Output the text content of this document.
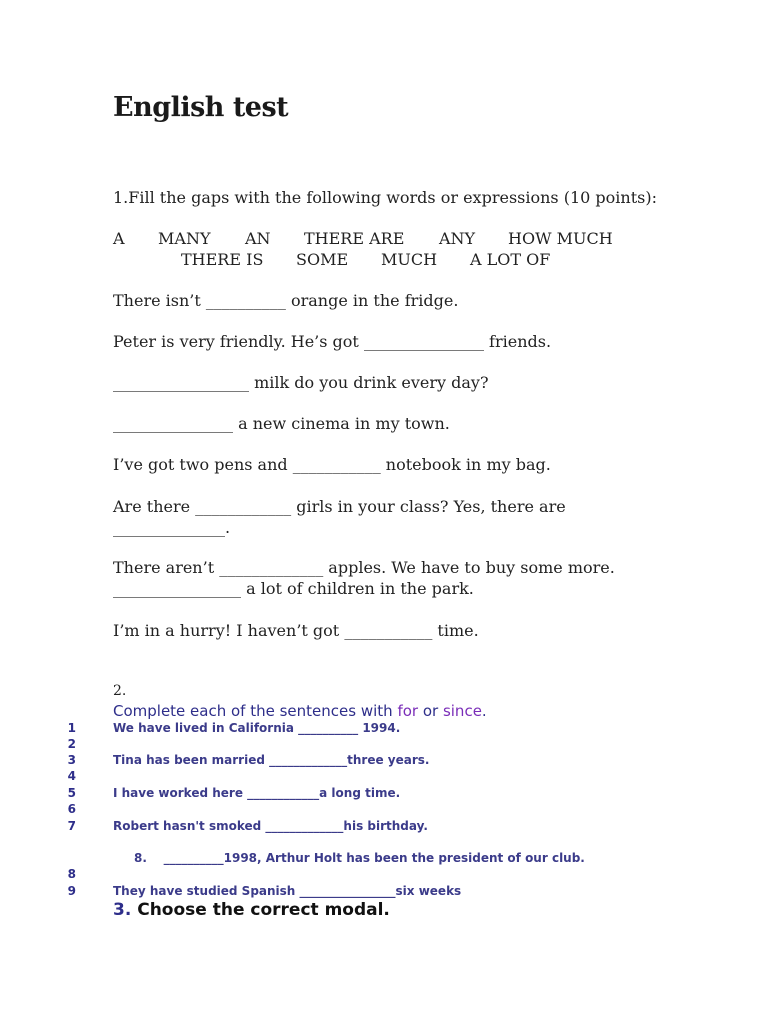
English test
1.Fill the gaps with the following words or expressions (10 points):
A MANY AN THERE ARE ANY HOW MUCH
THERE IS SOME MUCH A LOT OF
There isn’t __________ orange in the fridge.
Peter is very friendly. He’s got _______________ friends.
_________________ milk do you drink every day?
_______________ a new cinema in my town.
I’ve got two pens and ___________ notebook in my bag.
Are there ____________ girls in your class? Yes, there are
______________.
There aren’t _____________ apples. We have to buy some more.
________________ a lot of children in the park.
I’m in a hurry! I haven’t got ___________ time.
2.
Complete each of the sentences with for or since.
1
2
3
4
5
6
7
8
9
We have lived in California __________ 1994.
Tina has been married _____________three years.
I have worked here ____________a long time.
Robert hasn't smoked _____________his birthday.
8.    __________1998, Arthur Holt has been the president of our club.
They have studied Spanish ________________six weeks
3. Choose the correct modal.
